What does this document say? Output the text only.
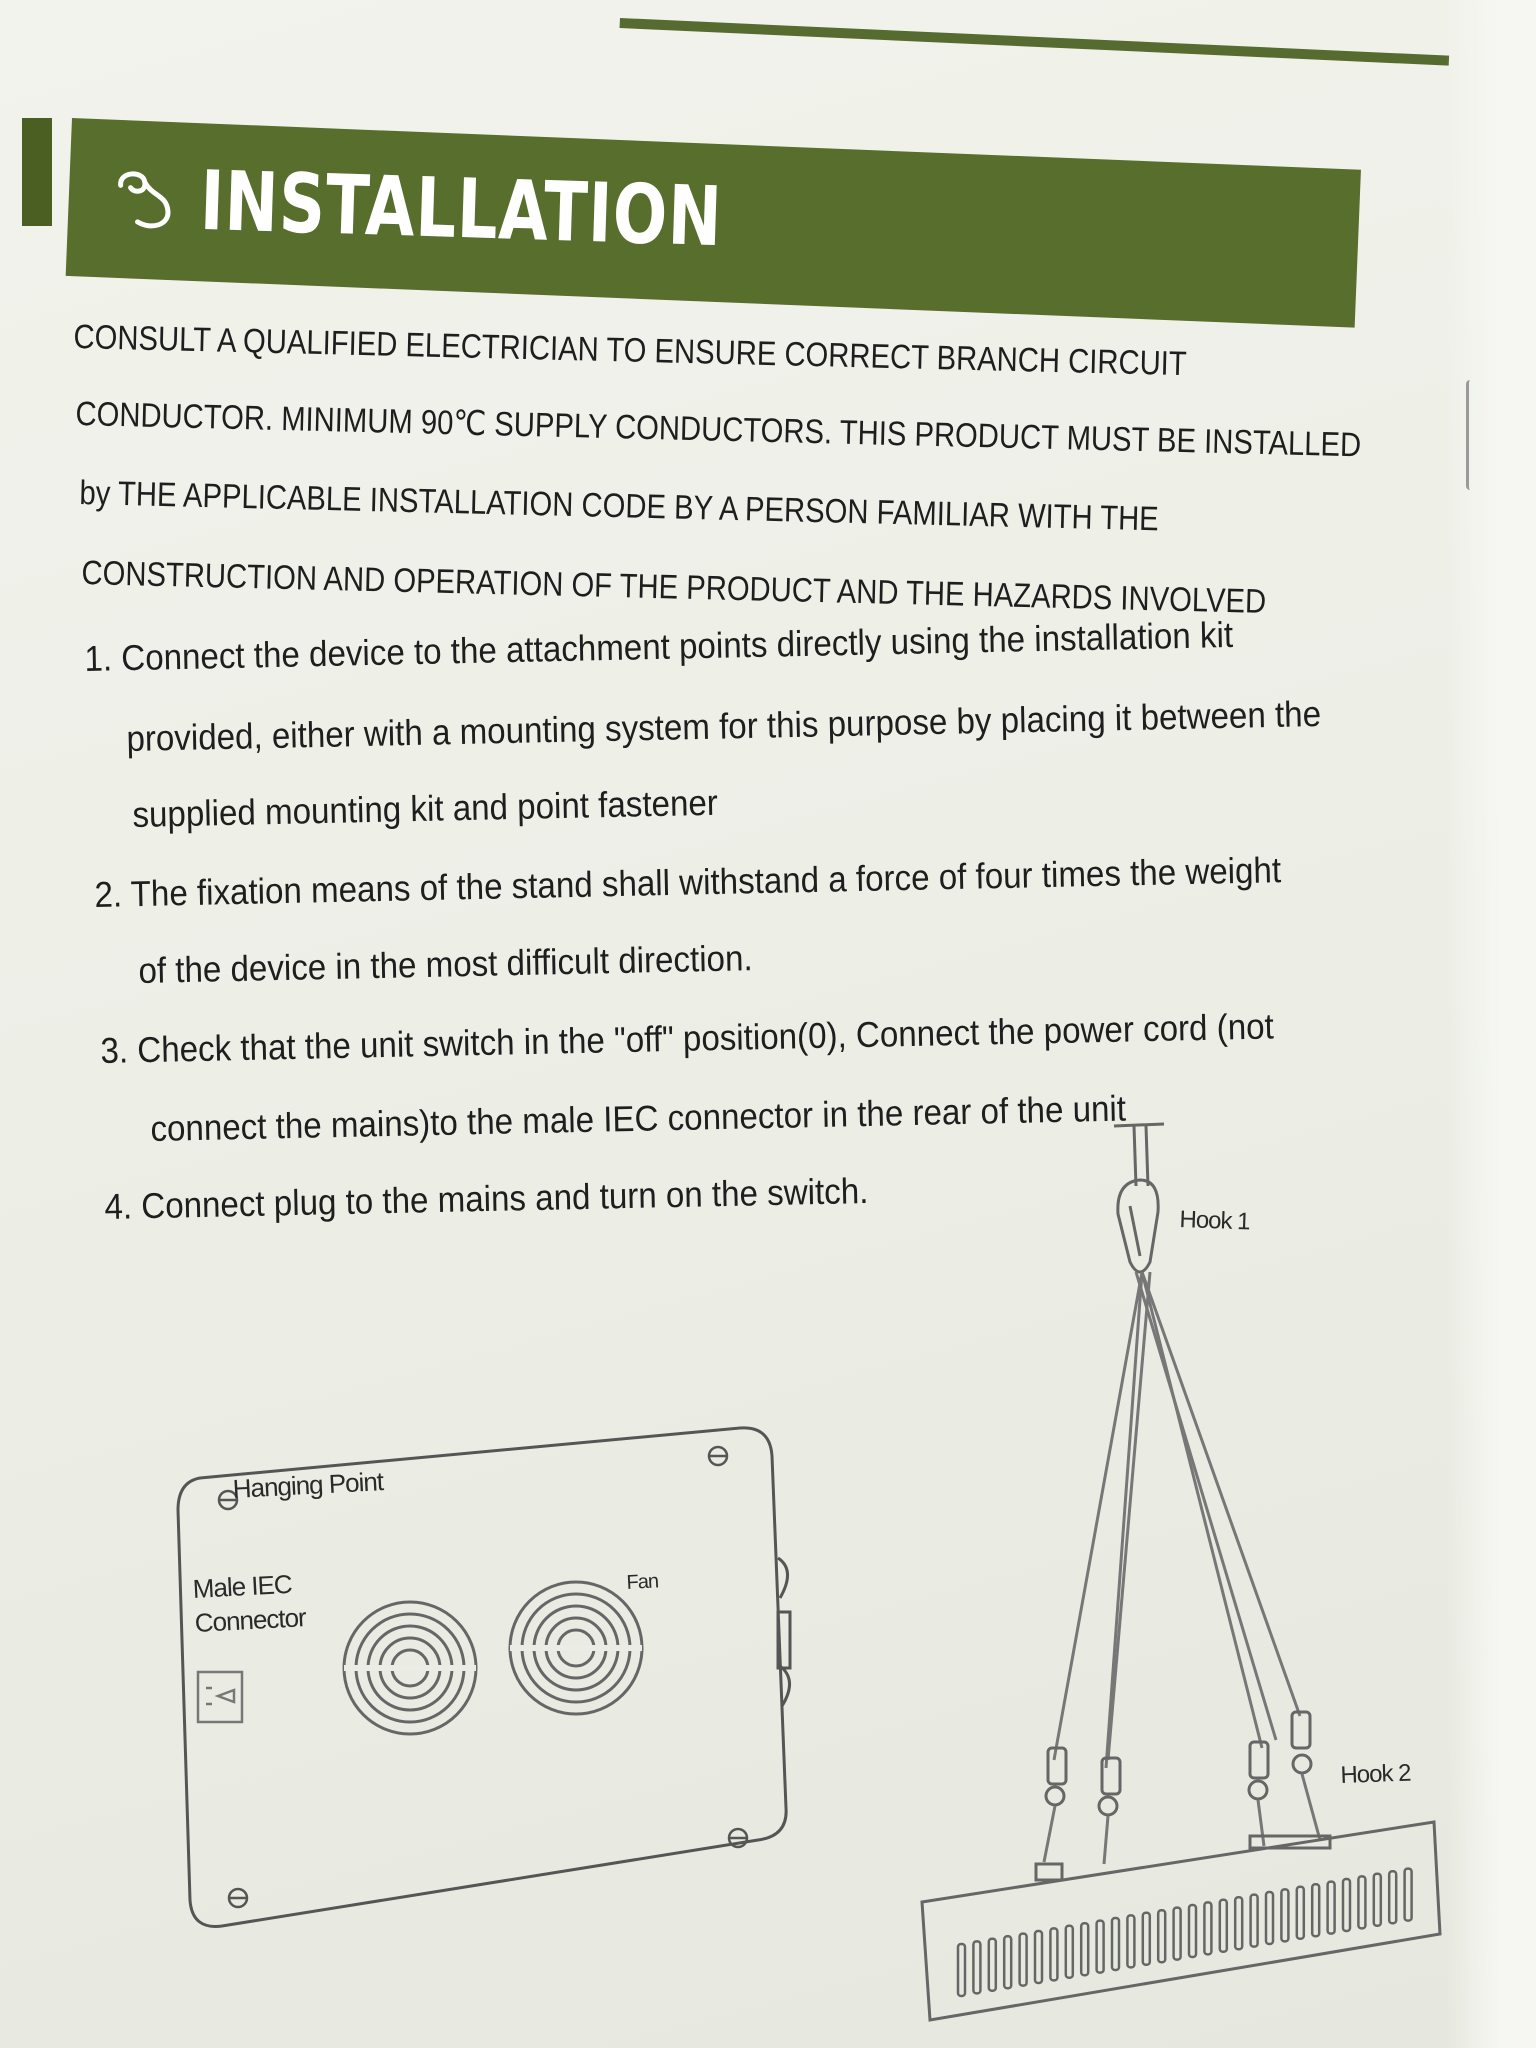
INSTALLATION
CONSULT A QUALIFIED ELECTRICIAN TO ENSURE CORRECT BRANCH CIRCUIT
CONDUCTOR. MINIMUM 90℃ SUPPLY CONDUCTORS. THIS PRODUCT MUST BE INSTALLED
by THE APPLICABLE INSTALLATION CODE BY A PERSON FAMILIAR WITH THE
CONSTRUCTION AND OPERATION OF THE PRODUCT AND THE HAZARDS INVOLVED
1. Connect the device to the attachment points directly using the installation kit
provided, either with a mounting system for this purpose by placing it between the
supplied mounting kit and point fastener
2. The fixation means of the stand shall withstand a force of four times the weight
of the device in the most difficult direction.
3. Check that the unit switch in the "off" position(0), Connect the power cord (not
connect the mains)to the male IEC connector in the rear of the unit
4. Connect plug to the mains and turn on the switch.
Hanging Point
Male IEC
Connector
Fan
Hook 1
Hook 2
